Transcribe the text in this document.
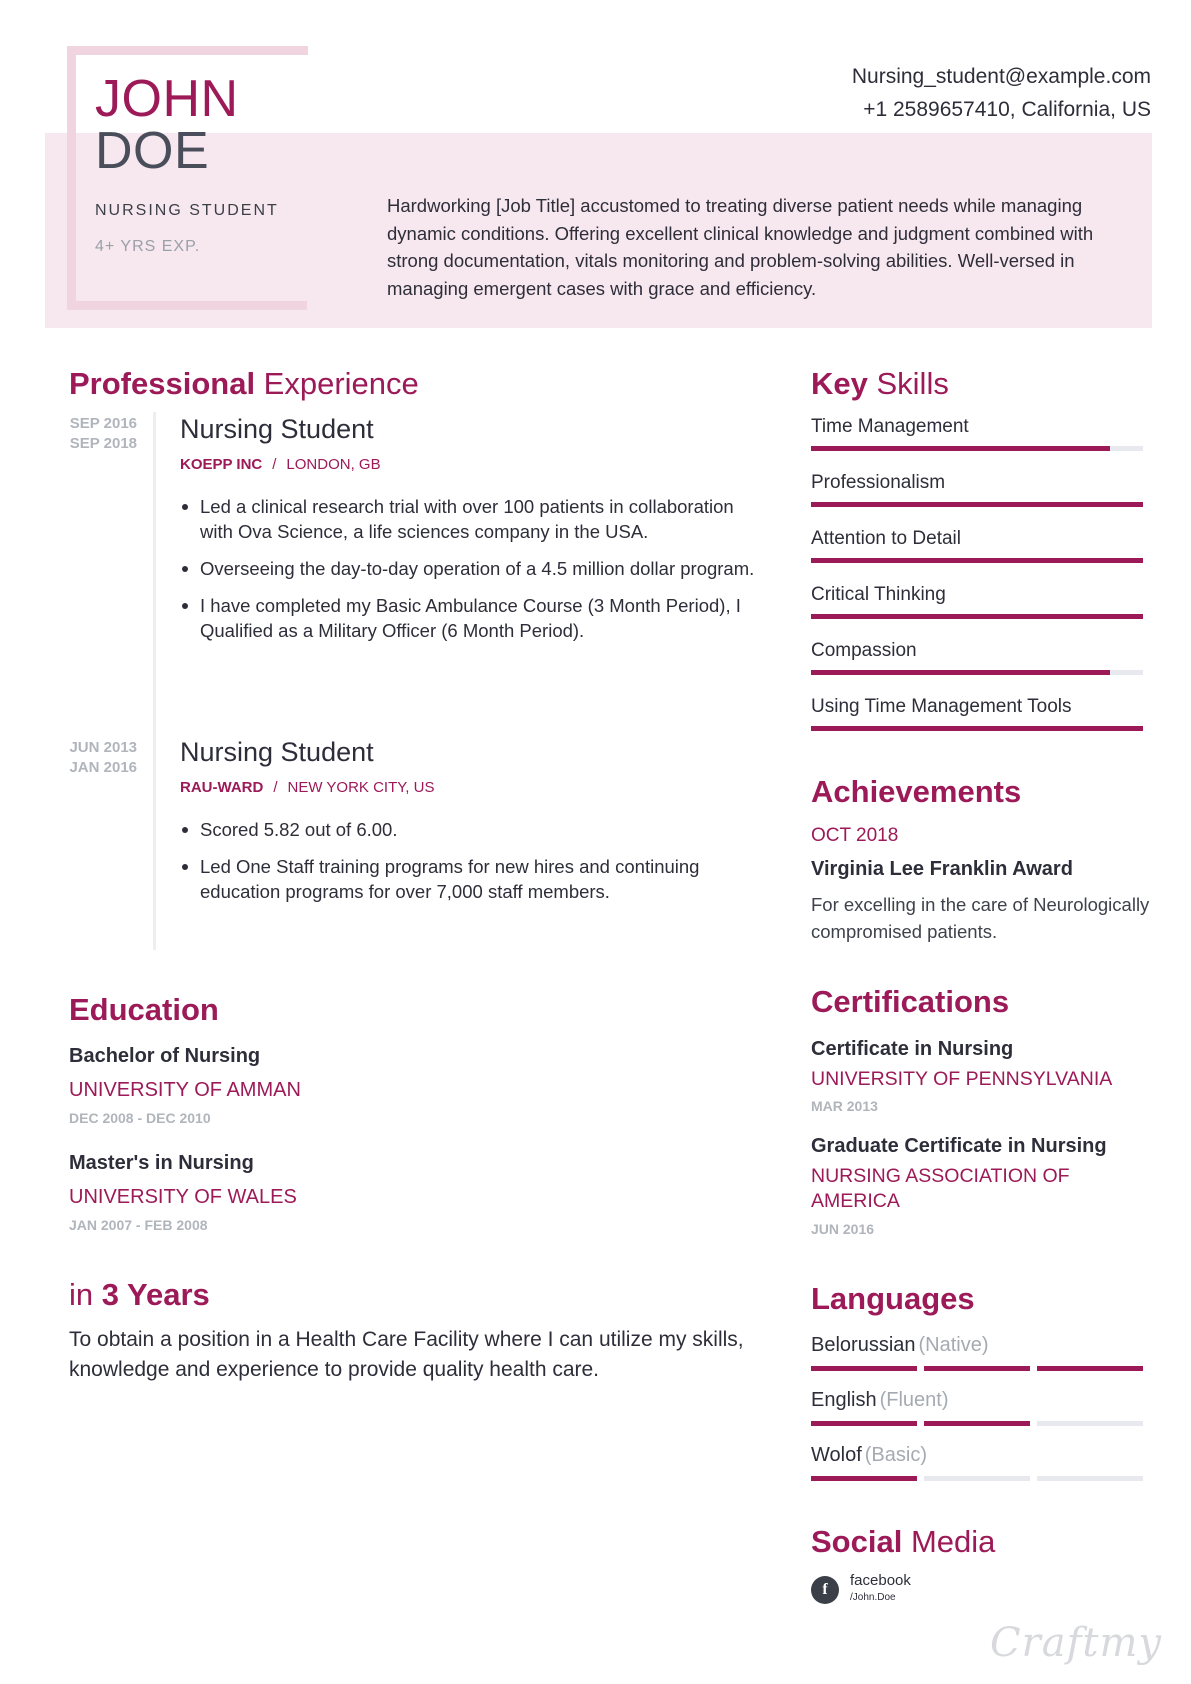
JOHN
DOE
NURSING STUDENT
4+ YRS EXP.
Nursing_student@example.com
+1 2589657410, California, US
Hardworking [Job Title] accustomed to treating diverse patient needs while managing dynamic conditions. Offering excellent clinical knowledge and judgment combined with strong documentation, vitals monitoring and problem-solving abilities. Well-versed in managing emergent cases with grace and efficiency.
Professional Experience
SEP 2016
SEP 2018 Nursing Student
KOEPP INC / LONDON, GB
Led a clinical research trial with over 100 patients in collaboration with Ova Science, a life sciences company in the USA.
Overseeing the day-to-day operation of a 4.5 million dollar program.
I have completed my Basic Ambulance Course (3 Month Period), I Qualified as a Military Officer (6 Month Period).
JUN 2013
JAN 2016
Nursing Student
RAU-WARD / NEW YORK CITY, US
Scored 5.82 out of 6.00.
Led One Staff training programs for new hires and continuing education programs for over 7,000 staff members.
Education
Bachelor of Nursing
UNIVERSITY OF AMMAN
DEC 2008 - DEC 2010
Master's in Nursing
UNIVERSITY OF WALES
JAN 2007 - FEB 2008
in 3 Years
To obtain a position in a Health Care Facility where I can utilize my skills, knowledge and experience to provide quality health care.
Key Skills
Time Management
Professionalism
Attention to Detail
Critical Thinking
Compassion
Using Time Management Tools
Achievements
OCT 2018
Virginia Lee Franklin Award
For excelling in the care of Neurologically compromised patients.
Certifications
Certificate in Nursing
UNIVERSITY OF PENNSYLVANIA
MAR 2013
Graduate Certificate in Nursing
NURSING ASSOCIATION OF AMERICA
JUN 2016
Languages
Belorussian (Native)
English (Fluent)
Wolof (Basic)
Social Media
f
facebook
/John.Doe
Craftmy
